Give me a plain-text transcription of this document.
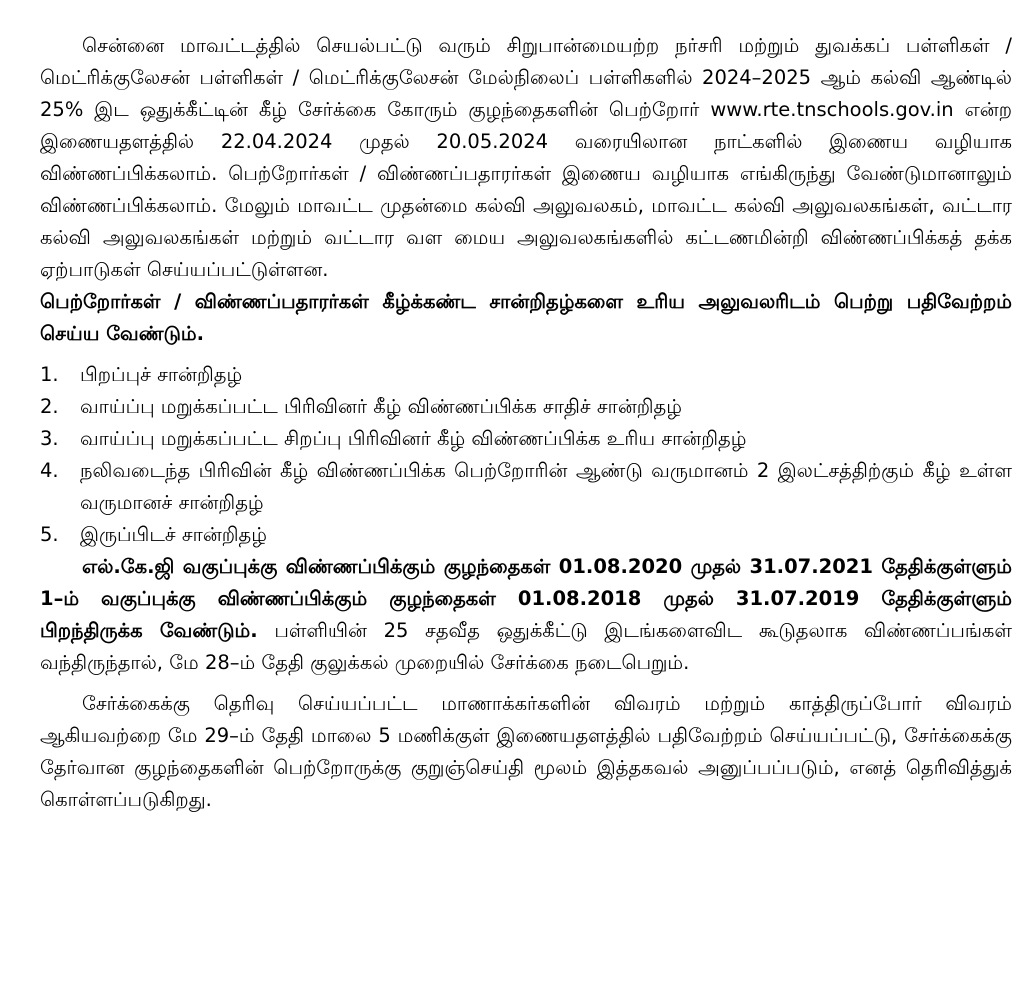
சென்னை மாவட்டத்தில் செயல்பட்டு வரும் சிறுபான்மையற்ற நர்சரி மற்றும் துவக்கப் பள்ளிகள் / மெட்ரிக்குலேசன் பள்ளிகள் / மெட்ரிக்குலேசன் மேல்நிலைப் பள்ளிகளில் 2024–2025 ஆம் கல்வி ஆண்டில் 25% இட ஒதுக்கீட்டின் கீழ் சேர்க்கை கோரும் குழந்தைகளின் பெற்றோர் www.rte.tnschools.gov.in என்ற இணையதளத்தில் 22.04.2024 முதல் 20.05.2024 வரையிலான நாட்களில் இணைய வழியாக விண்ணப்பிக்கலாம். பெற்றோர்கள் / விண்ணப்பதாரர்கள் இணைய வழியாக எங்கிருந்து வேண்டுமானாலும் விண்ணப்பிக்கலாம். மேலும் மாவட்ட முதன்மை கல்வி அலுவலகம், மாவட்ட கல்வி அலுவலகங்கள், வட்டார கல்வி அலுவலகங்கள் மற்றும் வட்டார வள மைய அலுவலகங்களில் கட்டணமின்றி விண்ணப்பிக்கத் தக்க ஏற்பாடுகள் செய்யப்பட்டுள்ளன.

பெற்றோர்கள் / விண்ணப்பதாரர்கள் கீழ்க்கண்ட சான்றிதழ்களை உரிய அலுவலரிடம் பெற்று பதிவேற்றம் செய்ய வேண்டும்.

1.	பிறப்புச் சான்றிதழ்
2.	வாய்ப்பு மறுக்கப்பட்ட பிரிவினர் கீழ் விண்ணப்பிக்க சாதிச் சான்றிதழ்
3.	வாய்ப்பு மறுக்கப்பட்ட சிறப்பு பிரிவினர் கீழ் விண்ணப்பிக்க உரிய சான்றிதழ்
4.	நலிவடைந்த பிரிவின் கீழ் விண்ணப்பிக்க பெற்றோரின் ஆண்டு வருமானம் 2 இலட்சத்திற்கும் கீழ் உள்ள வருமானச் சான்றிதழ்
5.	இருப்பிடச் சான்றிதழ்

எல்.கே.ஜி வகுப்புக்கு விண்ணப்பிக்கும் குழந்தைகள் 01.08.2020 முதல் 31.07.2021 தேதிக்குள்ளும் 1–ம் வகுப்புக்கு விண்ணப்பிக்கும் குழந்தைகள் 01.08.2018 முதல் 31.07.2019 தேதிக்குள்ளும் பிறந்திருக்க வேண்டும். பள்ளியின் 25 சதவீத ஒதுக்கீட்டு இடங்களைவிட கூடுதலாக விண்ணப்பங்கள் வந்திருந்தால், மே 28–ம் தேதி குலுக்கல் முறையில் சேர்க்கை நடைபெறும்.

சேர்க்கைக்கு தெரிவு செய்யப்பட்ட மாணாக்கர்களின் விவரம் மற்றும் காத்திருப்போர் விவரம் ஆகியவற்றை மே 29–ம் தேதி மாலை 5 மணிக்குள் இணையதளத்தில் பதிவேற்றம் செய்யப்பட்டு, சேர்க்கைக்கு தேர்வான குழந்தைகளின் பெற்றோருக்கு குறுஞ்செய்தி மூலம் இத்தகவல் அனுப்பப்படும், எனத் தெரிவித்துக் கொள்ளப்படுகிறது.
